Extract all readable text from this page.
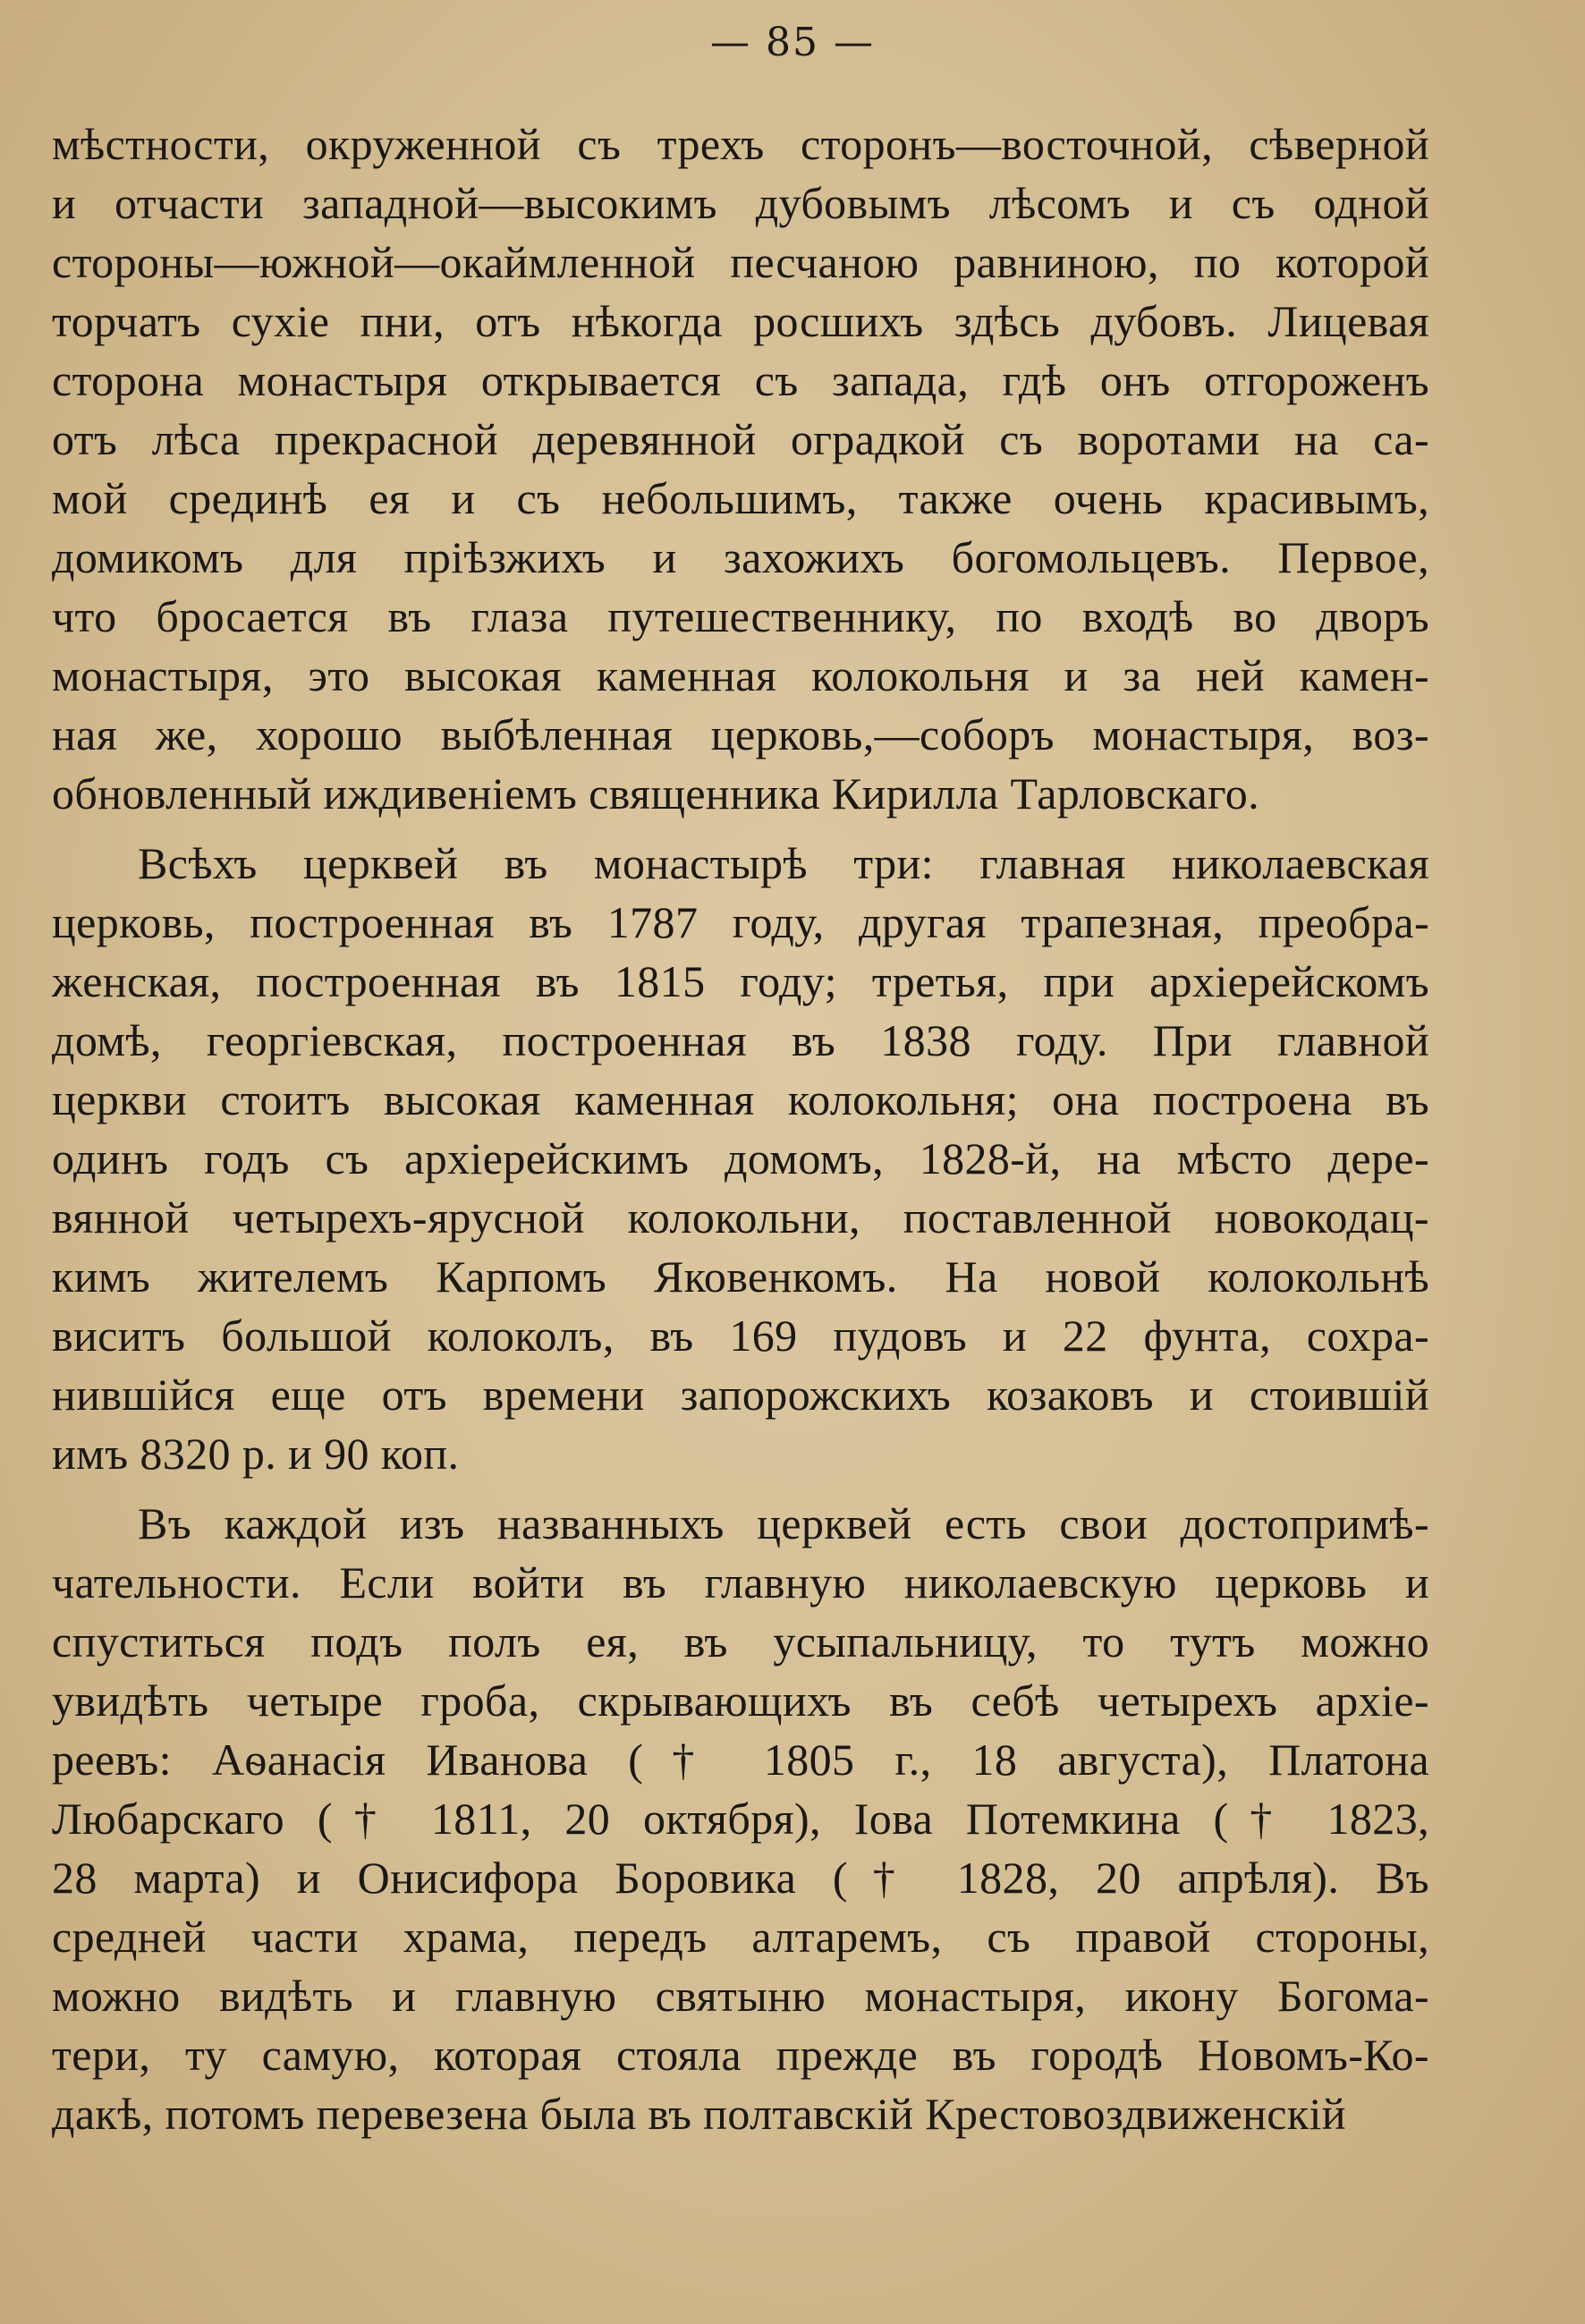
— 85 —
мѣстности, окруженной съ трехъ сторонъ—восточной, сѣверной
и отчасти западной—высокимъ дубовымъ лѣсомъ и съ одной
стороны—южной—окаймленной песчаною равниною, по которой
торчатъ сухіе пни, отъ нѣкогда росшихъ здѣсь дубовъ. Лицевая
сторона монастыря открывается съ запада, гдѣ онъ отгороженъ
отъ лѣса прекрасной деревянной оградкой съ воротами на са-
мой срединѣ ея и съ небольшимъ, также очень красивымъ,
домикомъ для пріѣзжихъ и захожихъ богомольцевъ. Первое,
что бросается въ глаза путешественнику, по входѣ во дворъ
монастыря, это высокая каменная колокольня и за ней камен-
ная же, хорошо выбѣленная церковь,—соборъ монастыря, воз-
обновленный иждивеніемъ священника Кирилла Тарловскаго.
Всѣхъ церквей въ монастырѣ три: главная николаевская
церковь, построенная въ 1787 году, другая трапезная, преобра-
женская, построенная въ 1815 году; третья, при архіерейскомъ
домѣ, георгіевская, построенная въ 1838 году. При главной
церкви стоитъ высокая каменная колокольня; она построена въ
одинъ годъ съ архіерейскимъ домомъ, 1828-й, на мѣсто дере-
вянной четырехъ-ярусной колокольни, поставленной новокодац-
кимъ жителемъ Карпомъ Яковенкомъ. На новой колокольнѣ
виситъ большой колоколъ, въ 169 пудовъ и 22 фунта, сохра-
нившійся еще отъ времени запорожскихъ козаковъ и стоившій
имъ 8320 р. и 90 коп.
Въ каждой изъ названныхъ церквей есть свои достопримѣ-
чательности. Если войти въ главную николаевскую церковь и
спуститься подъ полъ ея, въ усыпальницу, то тутъ можно
увидѣть четыре гроба, скрывающихъ въ себѣ четырехъ архіе-
реевъ: Аѳанасія Иванова († 1805 г., 18 августа), Платона
Любарскаго († 1811, 20 октября), Іова Потемкина († 1823,
28 марта) и Онисифора Боровика († 1828, 20 апрѣля). Въ
средней части храма, передъ алтаремъ, съ правой стороны,
можно видѣть и главную святыню монастыря, икону Богома-
тери, ту самую, которая стояла прежде въ городѣ Новомъ-Ко-
дакѣ, потомъ перевезена была въ полтавскій Крестовоздвиженскій
